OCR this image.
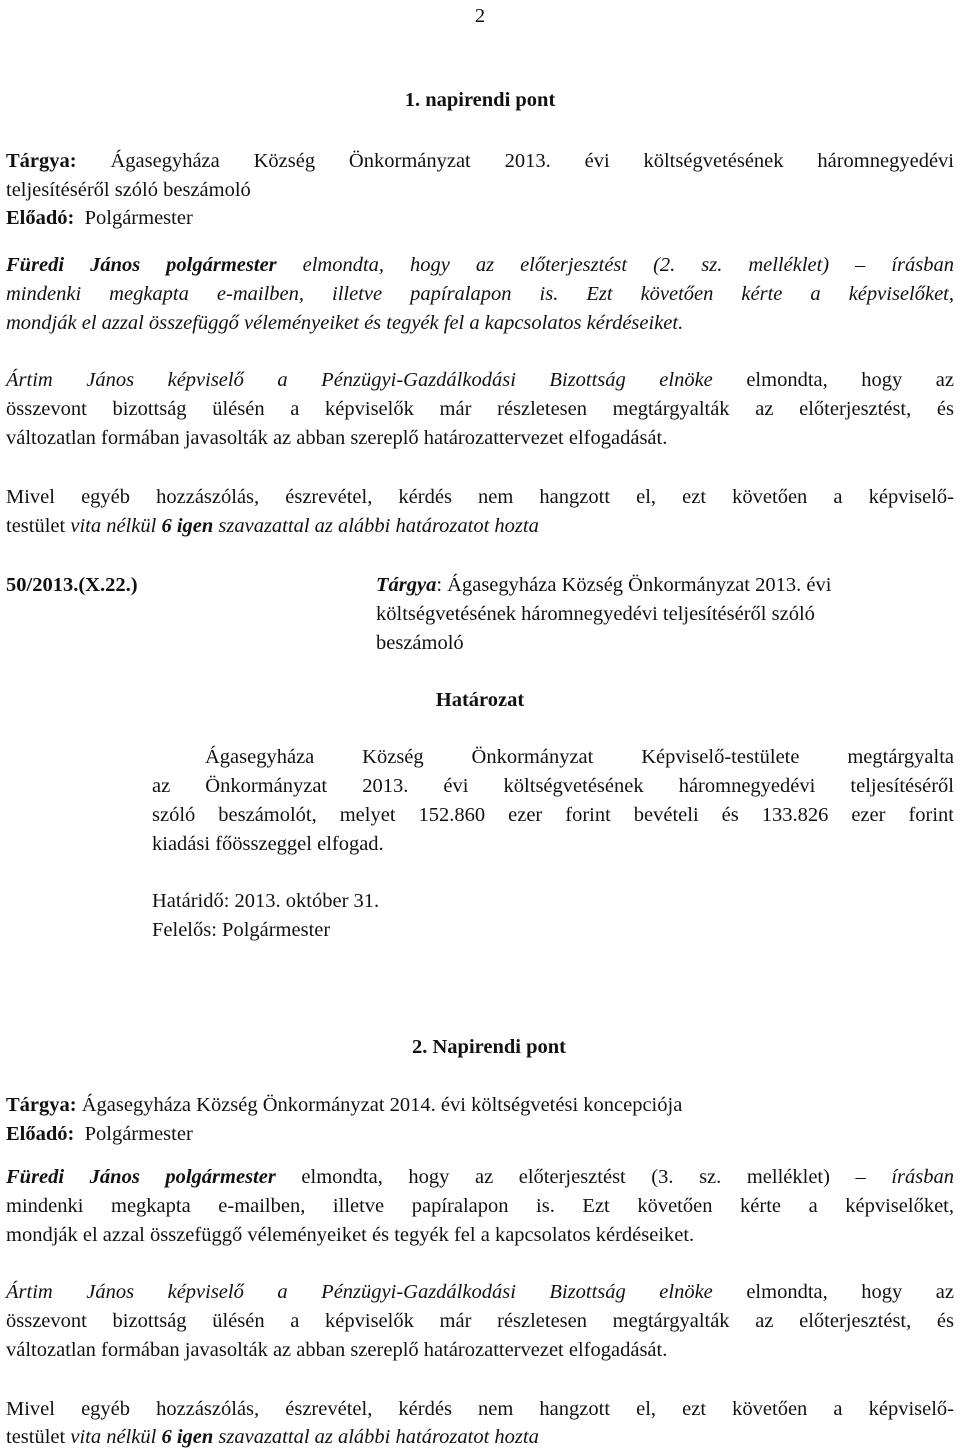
2
1. napirendi pont
Tárgya: Ágasegyháza Község Önkormányzat 2013. évi költségvetésének háromnegyedévi
teljesítéséről szóló beszámoló
Előadó: Polgármester
Füredi János polgármester elmondta, hogy az előterjesztést (2. sz. melléklet) – írásban
mindenki megkapta e-mailben, illetve papíralapon is. Ezt követően kérte a képviselőket,
mondják el azzal összefüggő véleményeiket és tegyék fel a kapcsolatos kérdéseiket.
Ártim János képviselő a Pénzügyi-Gazdálkodási Bizottság elnöke elmondta, hogy az
összevont bizottság ülésén a képviselők már részletesen megtárgyalták az előterjesztést, és
változatlan formában javasolták az abban szereplő határozattervezet elfogadását.
Mivel egyéb hozzászólás, észrevétel, kérdés nem hangzott el, ezt követően a képviselő-
testület vita nélkül 6 igen szavazattal az alábbi határozatot hozta
50/2013.(X.22.)	Tárgya: Ágasegyháza Község Önkormányzat 2013. évi
költségvetésének háromnegyedévi teljesítéséről szóló
beszámoló
Határozat
Ágasegyháza Község Önkormányzat Képviselő-testülete megtárgyalta
az Önkormányzat 2013. évi költségvetésének háromnegyedévi teljesítéséről
szóló beszámolót, melyet 152.860 ezer forint bevételi és 133.826 ezer forint
kiadási főösszeggel elfogad.
Határidő: 2013. október 31.
Felelős: Polgármester
2. Napirendi pont
Tárgya: Ágasegyháza Község Önkormányzat 2014. évi költségvetési koncepciója
Előadó: Polgármester
Füredi János polgármester elmondta, hogy az előterjesztést (3. sz. melléklet) – írásban
mindenki megkapta e-mailben, illetve papíralapon is. Ezt követően kérte a képviselőket,
mondják el azzal összefüggő véleményeiket és tegyék fel a kapcsolatos kérdéseiket.
Ártim János képviselő a Pénzügyi-Gazdálkodási Bizottság elnöke elmondta, hogy az
összevont bizottság ülésén a képviselők már részletesen megtárgyalták az előterjesztést, és
változatlan formában javasolták az abban szereplő határozattervezet elfogadását.
Mivel egyéb hozzászólás, észrevétel, kérdés nem hangzott el, ezt követően a képviselő-
testület vita nélkül 6 igen szavazattal az alábbi határozatot hozta
